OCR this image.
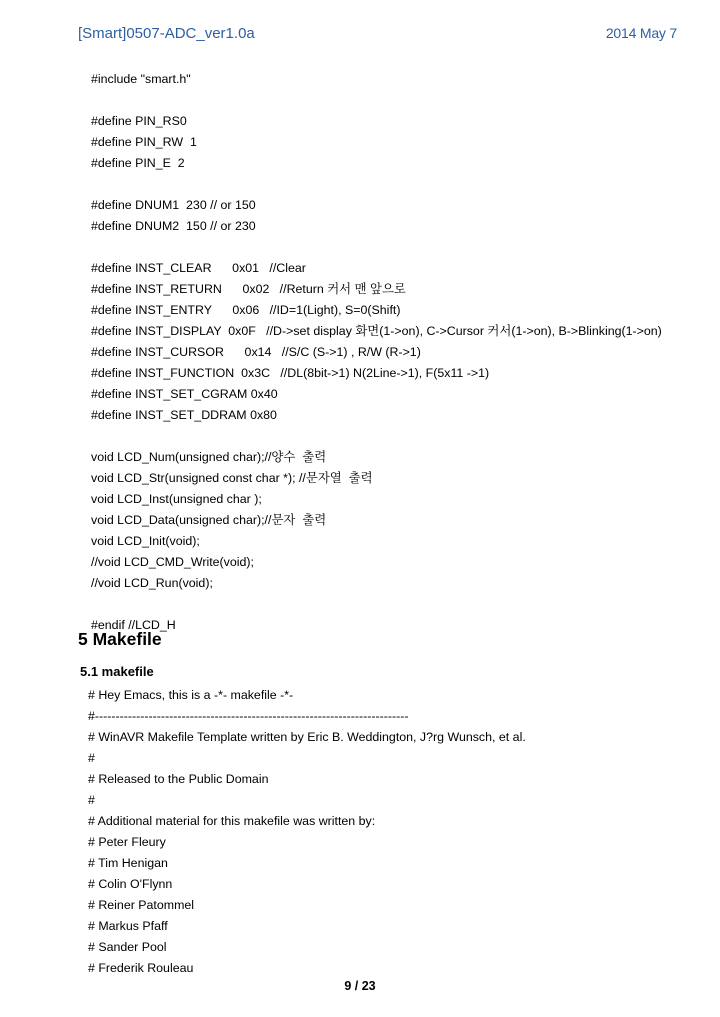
[Smart]0507-ADC_ver1.0a	2014 May 7
#include "smart.h"
#define PIN_RS0
#define PIN_RW  1
#define PIN_E  2
#define DNUM1  230 // or 150
#define DNUM2  150 // or 230
#define INST_CLEAR      0x01   //Clear
#define INST_RETURN      0x02   //Return 커서 맨 앞으로
#define INST_ENTRY      0x06   //ID=1(Light), S=0(Shift)
#define INST_DISPLAY  0x0F   //D->set display 화면(1->on), C->Cursor 커서(1->on), B->Blinking(1->on)
#define INST_CURSOR      0x14   //S/C (S->1) , R/W (R->1)
#define INST_FUNCTION  0x3C   //DL(8bit->1) N(2Line->1), F(5x11 ->1)
#define INST_SET_CGRAM 0x40
#define INST_SET_DDRAM 0x80
void LCD_Num(unsigned char);//양수  출력
void LCD_Str(unsigned const char *); //문자열  출력
void LCD_Inst(unsigned char );
void LCD_Data(unsigned char);//문자  출력
void LCD_Init(void);
//void LCD_CMD_Write(void);
//void LCD_Run(void);
#endif //LCD_H
5 Makefile
5.1 makefile
# Hey Emacs, this is a -*- makefile -*-
#----------------------------------------------------------------------------
# WinAVR Makefile Template written by Eric B. Weddington, J?rg Wunsch, et al.
#
# Released to the Public Domain
#
# Additional material for this makefile was written by:
# Peter Fleury
# Tim Henigan
# Colin O'Flynn
# Reiner Patommel
# Markus Pfaff
# Sander Pool
# Frederik Rouleau
9 / 23
